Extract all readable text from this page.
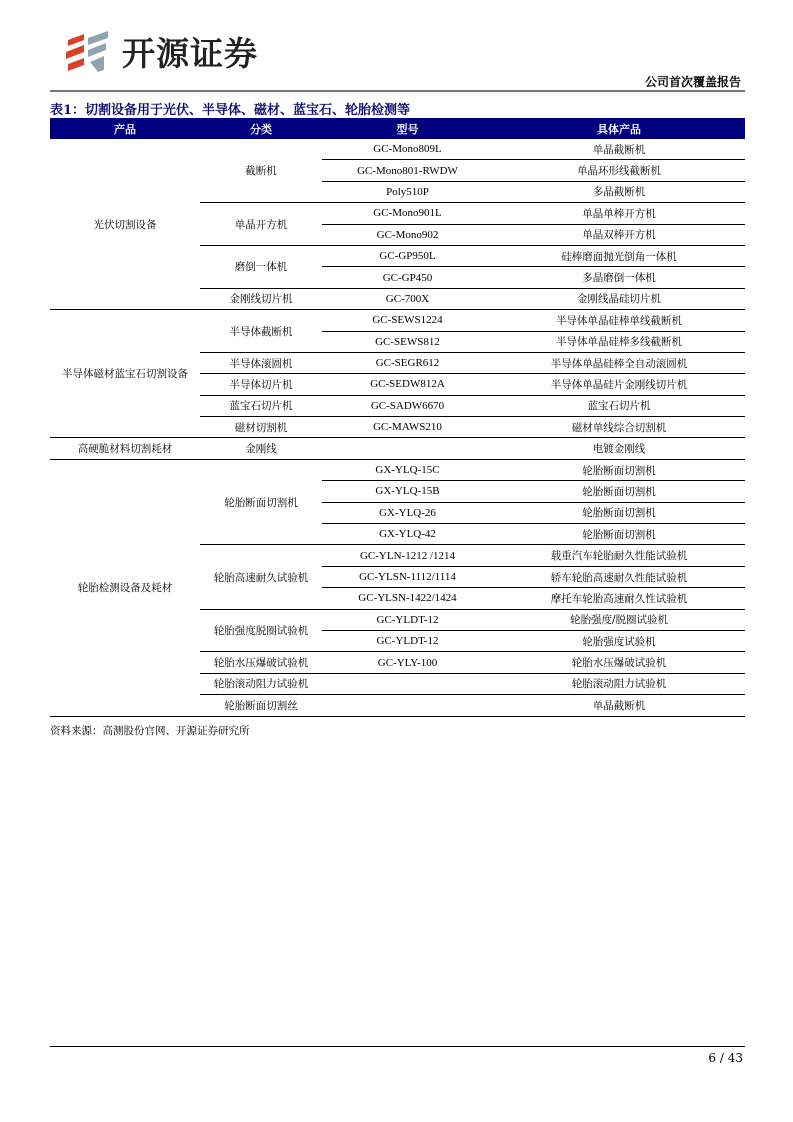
开源证券
公司首次覆盖报告
表1：切割设备用于光伏、半导体、磁材、蓝宝石、轮胎检测等
产品	分类	型号	具体产品
光伏切割设备	截断机	GC-Mono809L	单晶截断机
		GC-Mono801-RWDW	单晶环形线截断机
		Poly510P	多晶截断机
	单晶开方机	GC-Mono901L	单晶单棒开方机
		GC-Mono902	单晶双棒开方机
	磨倒一体机	GC-GP950L	硅棒磨面抛光倒角一体机
		GC-GP450	多晶磨倒一体机
	金刚线切片机	GC-700X	金刚线晶硅切片机
半导体磁材蓝宝石切割设备	半导体截断机	GC-SEWS1224	半导体单晶硅棒单线截断机
		GC-SEWS812	半导体单晶硅棒多线截断机
	半导体滚圆机	GC-SEGR612	半导体单晶硅棒全自动滚圆机
	半导体切片机	GC-SEDW812A	半导体单晶硅片金刚线切片机
	蓝宝石切片机	GC-SADW6670	蓝宝石切片机
	磁材切割机	GC-MAWS210	磁材单线综合切割机
高硬脆材料切割耗材	金刚线		电镀金刚线
轮胎检测设备及耗材	轮胎断面切割机	GX-YLQ-15C	轮胎断面切割机
		GX-YLQ-15B	轮胎断面切割机
		GX-YLQ-26	轮胎断面切割机
		GX-YLQ-42	轮胎断面切割机
	轮胎高速耐久试验机	GC-YLN-1212 /1214	载重汽车轮胎耐久性能试验机
		GC-YLSN-1112/1114	轿车轮胎高速耐久性能试验机
		GC-YLSN-1422/1424	摩托车轮胎高速耐久性试验机
	轮胎强度脱圈试验机	GC-YLDT-12	轮胎强度/脱圈试验机
		GC-YLDT-12	轮胎强度试验机
	轮胎水压爆破试验机	GC-YLY-100	轮胎水压爆破试验机
	轮胎滚动阻力试验机		轮胎滚动阻力试验机
	轮胎断面切割丝		单晶截断机
资料来源：高测股份官网、开源证券研究所
6 / 43
